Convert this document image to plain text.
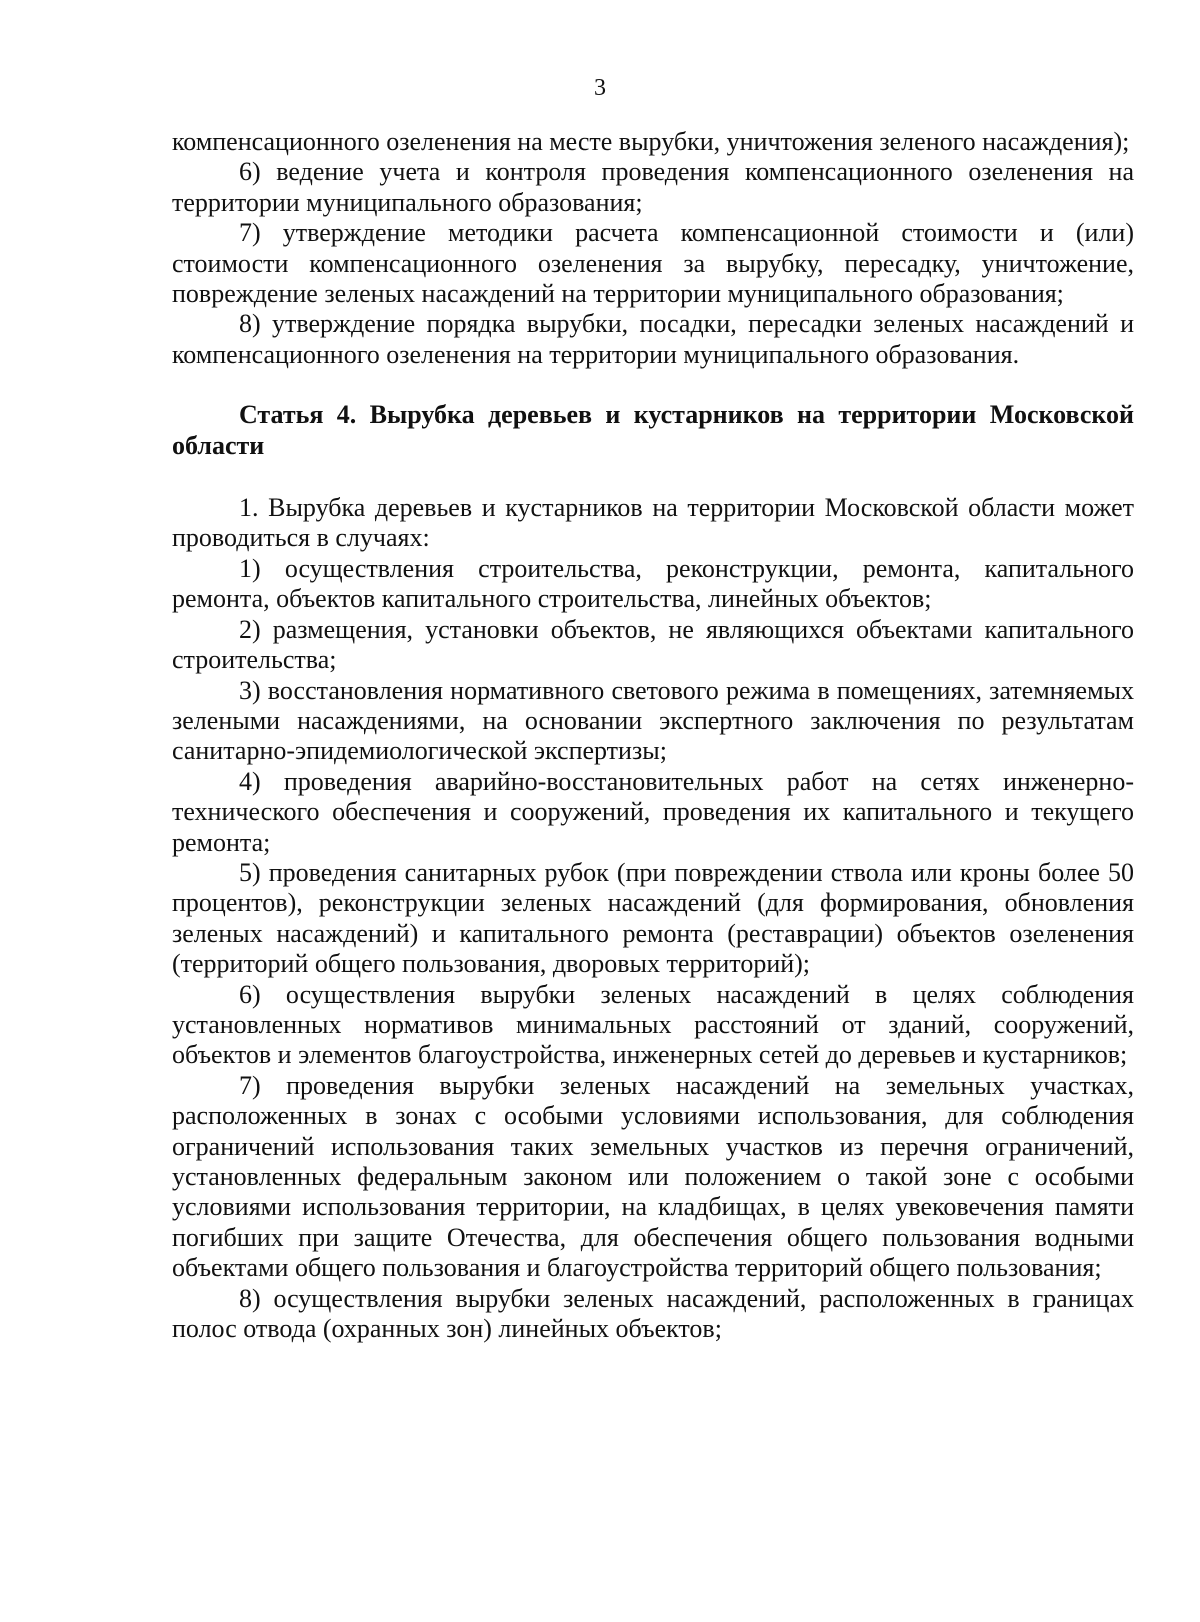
3

компенсационного озеленения на месте вырубки, уничтожения зеленого насаждения);

6) ведение учета и контроля проведения компенсационного озеленения на территории муниципального образования;

7) утверждение методики расчета компенсационной стоимости и (или) стоимости компенсационного озеленения за вырубку, пересадку, уничтожение, повреждение зеленых насаждений на территории муниципального образования;

8) утверждение порядка вырубки, посадки, пересадки зеленых насаждений и компенсационного озеленения на территории муниципального образования.

Статья 4. Вырубка деревьев и кустарников на территории Московской области

1. Вырубка деревьев и кустарников на территории Московской области может проводиться в случаях:

1) осуществления строительства, реконструкции, ремонта, капитального ремонта, объектов капитального строительства, линейных объектов;

2) размещения, установки объектов, не являющихся объектами капитального строительства;

3) восстановления нормативного светового режима в помещениях, затемняемых зелеными насаждениями, на основании экспертного заключения по результатам санитарно-эпидемиологической экспертизы;

4) проведения аварийно-восстановительных работ на сетях инженерно-технического обеспечения и сооружений, проведения их капитального и текущего ремонта;

5) проведения санитарных рубок (при повреждении ствола или кроны более 50 процентов), реконструкции зеленых насаждений (для формирования, обновления зеленых насаждений) и капитального ремонта (реставрации) объектов озеленения (территорий общего пользования, дворовых территорий);

6) осуществления вырубки зеленых насаждений в целях соблюдения установленных нормативов минимальных расстояний от зданий, сооружений, объектов и элементов благоустройства, инженерных сетей до деревьев и кустарников;

7) проведения вырубки зеленых насаждений на земельных участках, расположенных в зонах с особыми условиями использования, для соблюдения ограничений использования таких земельных участков из перечня ограничений, установленных федеральным законом или положением о такой зоне с особыми условиями использования территории, на кладбищах, в целях увековечения памяти погибших при защите Отечества, для обеспечения общего пользования водными объектами общего пользования и благоустройства территорий общего пользования;

8) осуществления вырубки зеленых насаждений, расположенных в границах полос отвода (охранных зон) линейных объектов;
